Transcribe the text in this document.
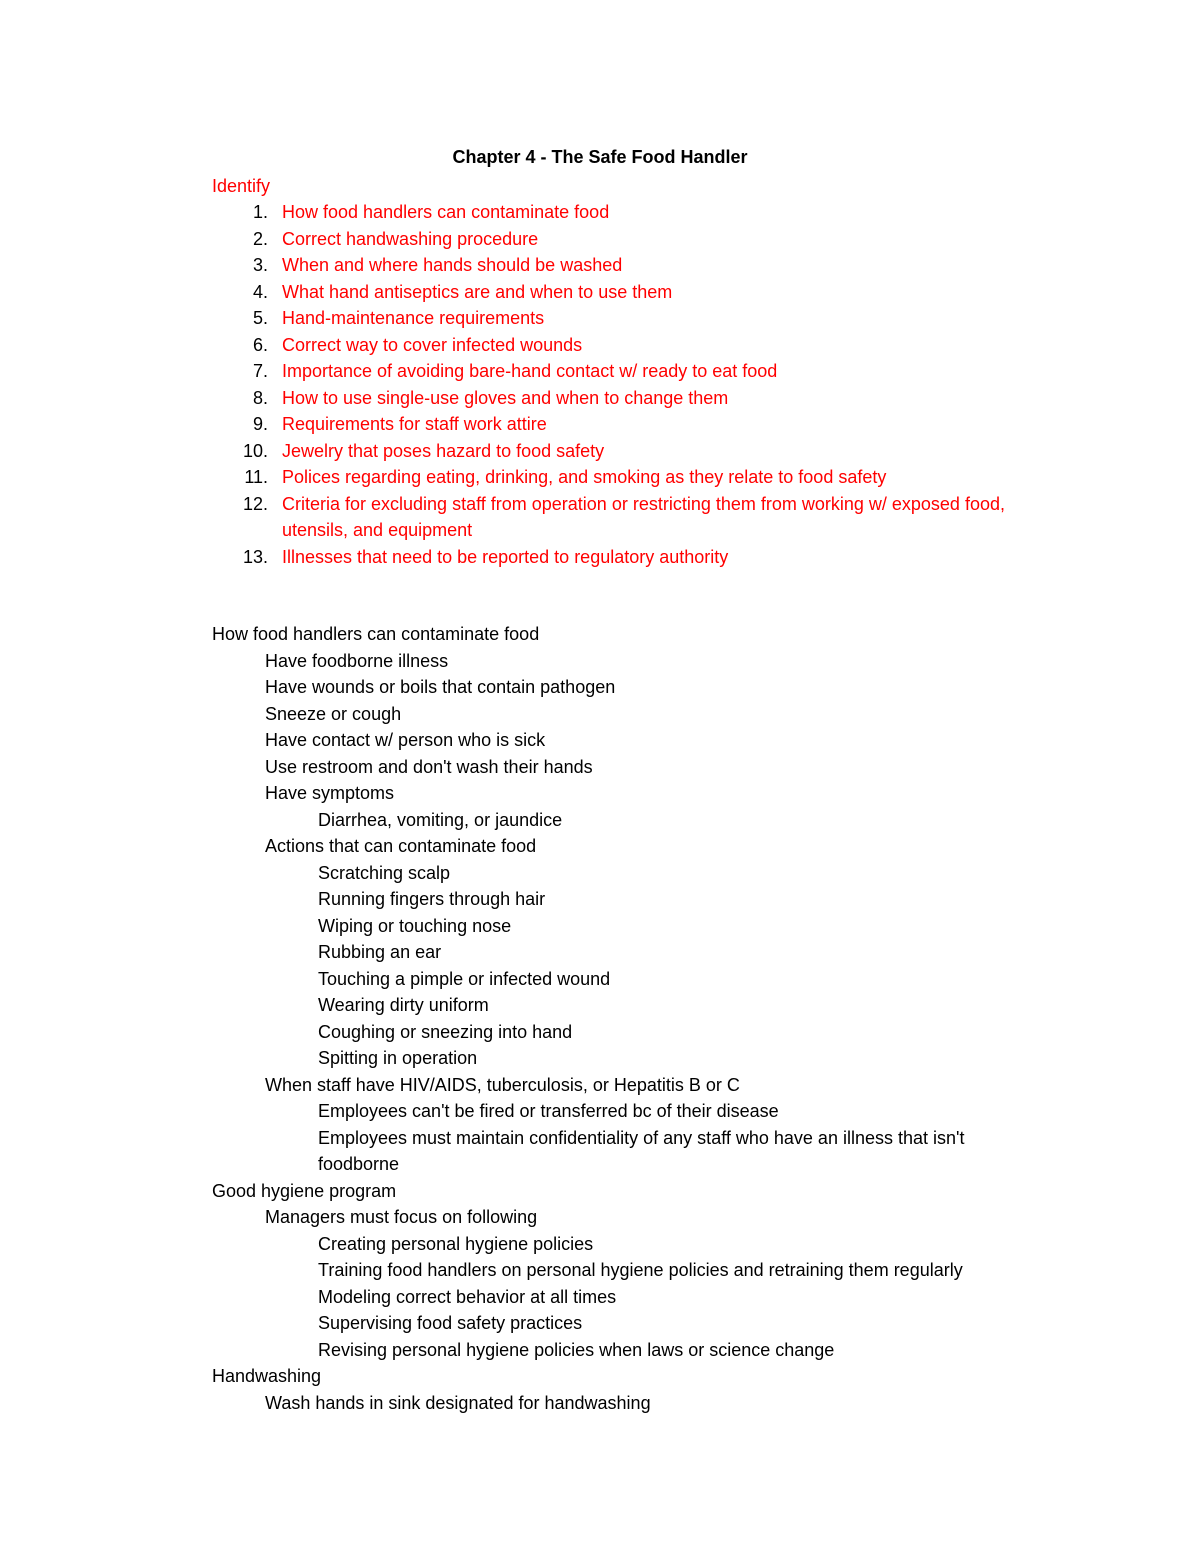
Chapter 4 - The Safe Food Handler
Identify
1. How food handlers can contaminate food
2. Correct handwashing procedure
3. When and where hands should be washed
4. What hand antiseptics are and when to use them
5. Hand-maintenance requirements
6. Correct way to cover infected wounds
7. Importance of avoiding bare-hand contact w/ ready to eat food
8. How to use single-use gloves and when to change them
9. Requirements for staff work attire
10. Jewelry that poses hazard to food safety
11. Polices regarding eating, drinking, and smoking as they relate to food safety
12. Criteria for excluding staff from operation or restricting them from working w/ exposed food, utensils, and equipment
13. Illnesses that need to be reported to regulatory authority
How food handlers can contaminate food
Have foodborne illness
Have wounds or boils that contain pathogen
Sneeze or cough
Have contact w/ person who is sick
Use restroom and don't wash their hands
Have symptoms
Diarrhea, vomiting, or jaundice
Actions that can contaminate food
Scratching scalp
Running fingers through hair
Wiping or touching nose
Rubbing an ear
Touching a pimple or infected wound
Wearing dirty uniform
Coughing or sneezing into hand
Spitting in operation
When staff have HIV/AIDS, tuberculosis, or Hepatitis B or C
Employees can't be fired or transferred bc of their disease
Employees must maintain confidentiality of any staff who have an illness that isn't foodborne
Good hygiene program
Managers must focus on following
Creating personal hygiene policies
Training food handlers on personal hygiene policies and retraining them regularly
Modeling correct behavior at all times
Supervising food safety practices
Revising personal hygiene policies when laws or science change
Handwashing
Wash hands in sink designated for handwashing
